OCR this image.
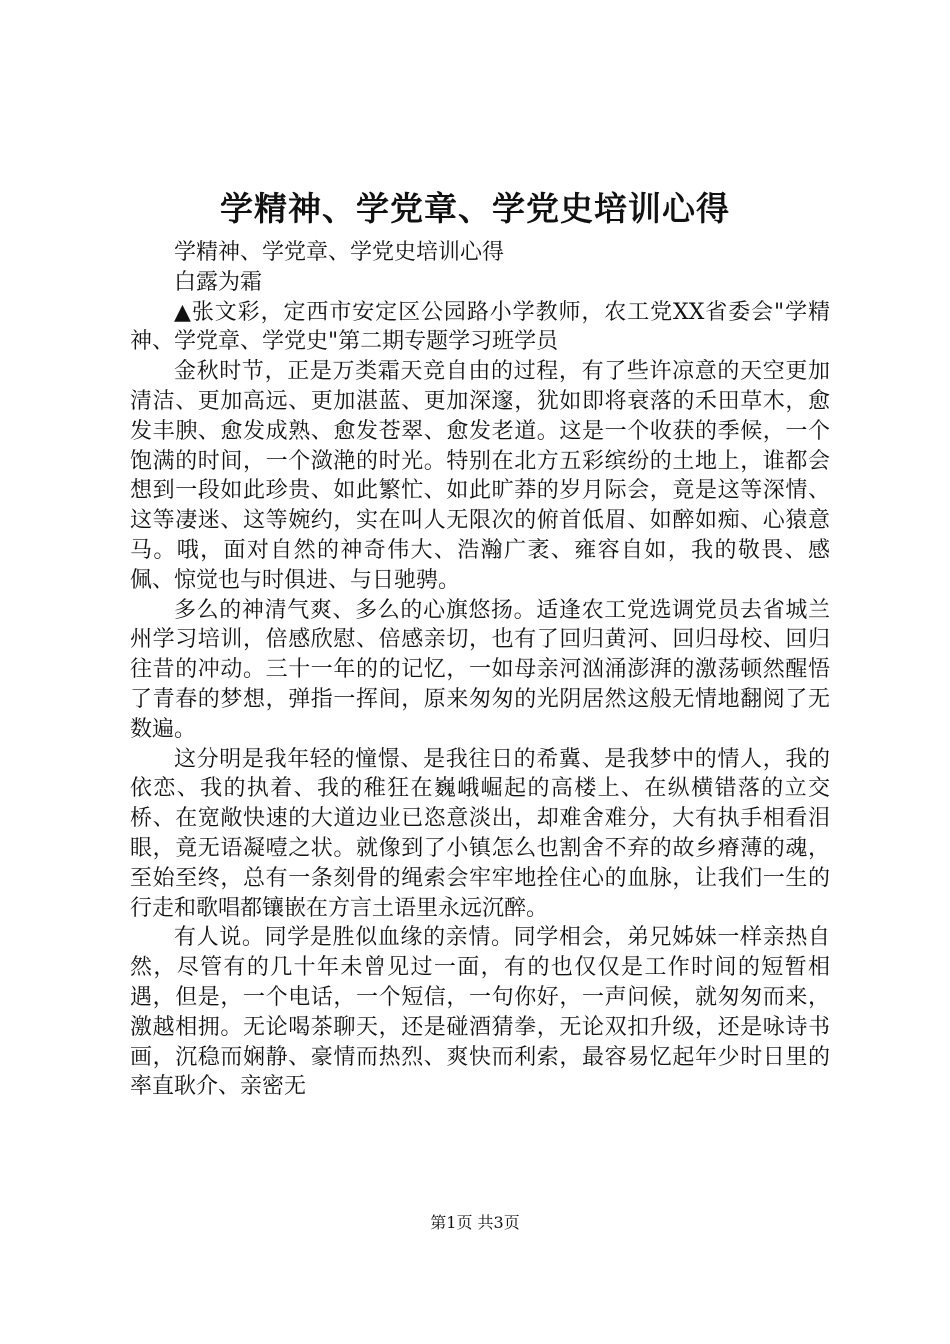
学精神、学党章、学党史培训心得

学精神、学党章、学党史培训心得

白露为霜

▲张文彩，定西市安定区公园路小学教师，农工党XX省委会"学精神、学党章、学党史"第二期专题学习班学员

金秋时节，正是万类霜天竞自由的过程，有了些许凉意的天空更加清洁、更加高远、更加湛蓝、更加深邃，犹如即将衰落的禾田草木，愈发丰腴、愈发成熟、愈发苍翠、愈发老道。这是一个收获的季候，一个饱满的时间，一个潋滟的时光。特别在北方五彩缤纷的土地上，谁都会想到一段如此珍贵、如此繁忙、如此旷莽的岁月际会，竟是这等深情、这等凄迷、这等婉约，实在叫人无限次的俯首低眉、如醉如痴、心猿意马。哦，面对自然的神奇伟大、浩瀚广袤、雍容自如，我的敬畏、感佩、惊觉也与时俱进、与日驰骋。

多么的神清气爽、多么的心旗悠扬。适逢农工党选调党员去省城兰州学习培训，倍感欣慰、倍感亲切，也有了回归黄河、回归母校、回归往昔的冲动。三十一年的的记忆，一如母亲河汹涌澎湃的激荡顿然醒悟了青春的梦想，弹指一挥间，原来匆匆的光阴居然这般无情地翻阅了无数遍。

这分明是我年轻的憧憬、是我往日的希冀、是我梦中的情人，我的依恋、我的执着、我的稚狂在巍峨崛起的高楼上、在纵横错落的立交桥、在宽敞快速的大道边业已恣意淡出，却难舍难分，大有执手相看泪眼，竟无语凝噎之状。就像到了小镇怎么也割舍不弃的故乡瘠薄的魂，至始至终，总有一条刻骨的绳索会牢牢地拴住心的血脉，让我们一生的行走和歌唱都镶嵌在方言土语里永远沉醉。

有人说。同学是胜似血缘的亲情。同学相会，弟兄姊妹一样亲热自然，尽管有的几十年未曾见过一面，有的也仅仅是工作时间的短暂相遇，但是，一个电话，一个短信，一句你好，一声问候，就匆匆而来，激越相拥。无论喝茶聊天，还是碰酒猜拳，无论双扣升级，还是咏诗书画，沉稳而娴静、豪情而热烈、爽快而利索，最容易忆起年少时日里的率直耿介、亲密无

第1页 共3页
